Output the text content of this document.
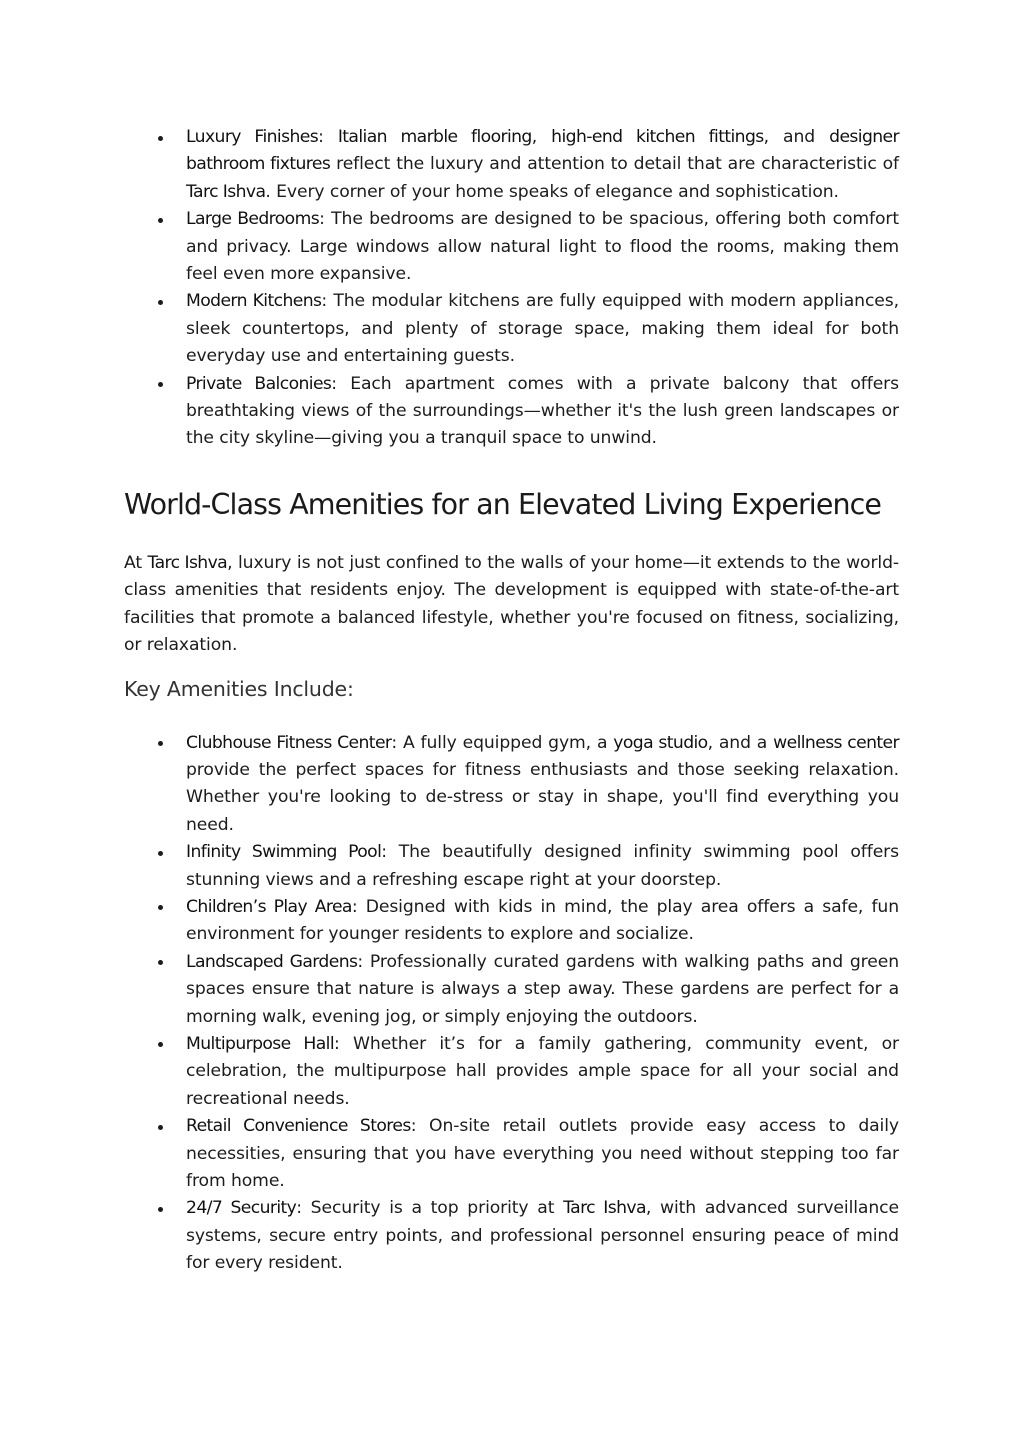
Luxury Finishes: Italian marble flooring, high-end kitchen fittings, and designer bathroom fixtures reflect the luxury and attention to detail that are characteristic of Tarc Ishva. Every corner of your home speaks of elegance and sophistication.
Large Bedrooms: The bedrooms are designed to be spacious, offering both comfort and privacy. Large windows allow natural light to flood the rooms, making them feel even more expansive.
Modern Kitchens: The modular kitchens are fully equipped with modern appliances, sleek countertops, and plenty of storage space, making them ideal for both everyday use and entertaining guests.
Private Balconies: Each apartment comes with a private balcony that offers breathtaking views of the surroundings—whether it's the lush green landscapes or the city skyline—giving you a tranquil space to unwind.
World-Class Amenities for an Elevated Living Experience

At Tarc Ishva, luxury is not just confined to the walls of your home—it extends to the world-class amenities that residents enjoy. The development is equipped with state-of-the-art facilities that promote a balanced lifestyle, whether you're focused on fitness, socializing, or relaxation.

Key Amenities Include:
Clubhouse Fitness Center: A fully equipped gym, a yoga studio, and a wellness center provide the perfect spaces for fitness enthusiasts and those seeking relaxation. Whether you're looking to de-stress or stay in shape, you'll find everything you need.
Infinity Swimming Pool: The beautifully designed infinity swimming pool offers stunning views and a refreshing escape right at your doorstep.
Children’s Play Area: Designed with kids in mind, the play area offers a safe, fun environment for younger residents to explore and socialize.
Landscaped Gardens: Professionally curated gardens with walking paths and green spaces ensure that nature is always a step away. These gardens are perfect for a morning walk, evening jog, or simply enjoying the outdoors.
Multipurpose Hall: Whether it’s for a family gathering, community event, or celebration, the multipurpose hall provides ample space for all your social and recreational needs.
Retail Convenience Stores: On-site retail outlets provide easy access to daily necessities, ensuring that you have everything you need without stepping too far from home.
24/7 Security: Security is a top priority at Tarc Ishva, with advanced surveillance systems, secure entry points, and professional personnel ensuring peace of mind for every resident.
